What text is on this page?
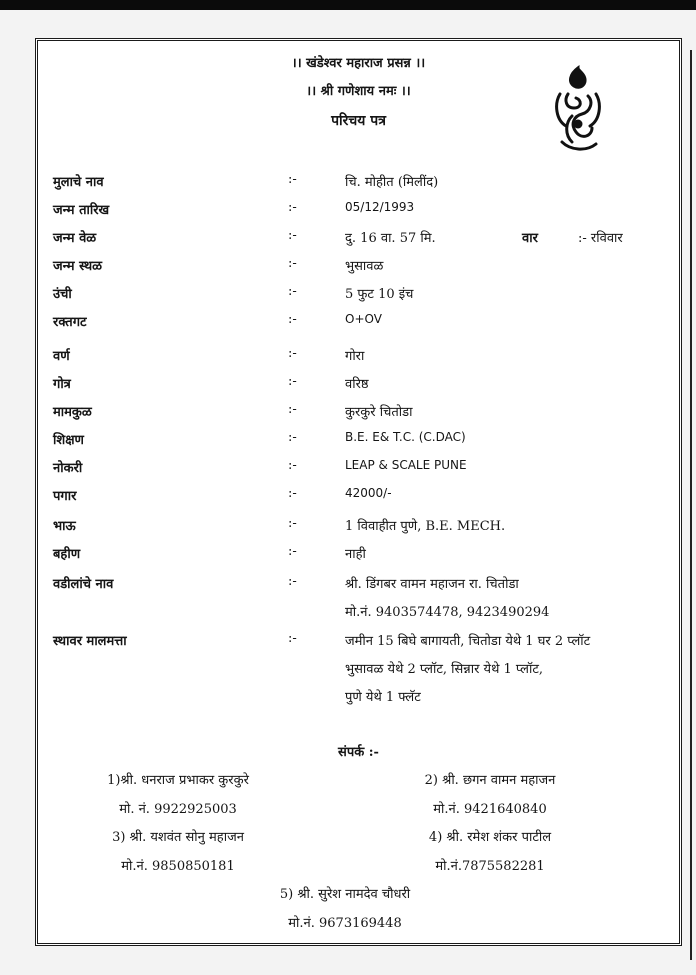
।। खंडेश्वर महाराज प्रसन्न ।।
।। श्री गणेशाय नमः ।।
परिचय पत्र
मुलाचे नाव	:-	चि. मोहीत (मिलींद)
जन्म तारिख	:-	05/12/1993
जन्म वेळ	:-	दु. 16 वा. 57 मि.	वार	:- रविवार
जन्म स्थळ	:-	भुसावळ
उंची	:-	5 फुट 10 इंच
रक्तगट	:-	O+OV
वर्ण	:-	गोरा
गोत्र	:-	वरिष्ठ
मामकुळ	:-	कुरकुरे चितोडा
शिक्षण	:-	B.E. E& T.C. (C.DAC)
नोकरी	:-	LEAP & SCALE PUNE
पगार	:-	42000/-
भाऊ	:-	1 विवाहीत पुणे, B.E. MECH.
बहीण	:-	नाही
वडीलांचे नाव	:-	श्री. डिंगबर वामन महाजन रा. चितोडा
मो.नं. 9403574478, 9423490294
स्थावर मालमत्ता	:-	जमीन 15 बिघे बागायती, चितोडा येथे 1 घर 2 प्लॉट
भुसावळ येथे 2 प्लॉट, सिन्नार येथे 1 प्लॉट,
पुणे येथे 1 फ्लॅट
संपर्क :-
1)श्री. धनराज प्रभाकर कुरकुरे
मो. नं. 9922925003
2) श्री. छगन वामन महाजन
मो.नं. 9421640840
3) श्री. यशवंत सोनु महाजन
मो.नं. 9850850181
4) श्री. रमेश शंकर पाटील
मो.नं.7875582281
5) श्री. सुरेश नामदेव चौधरी
मो.नं. 9673169448
